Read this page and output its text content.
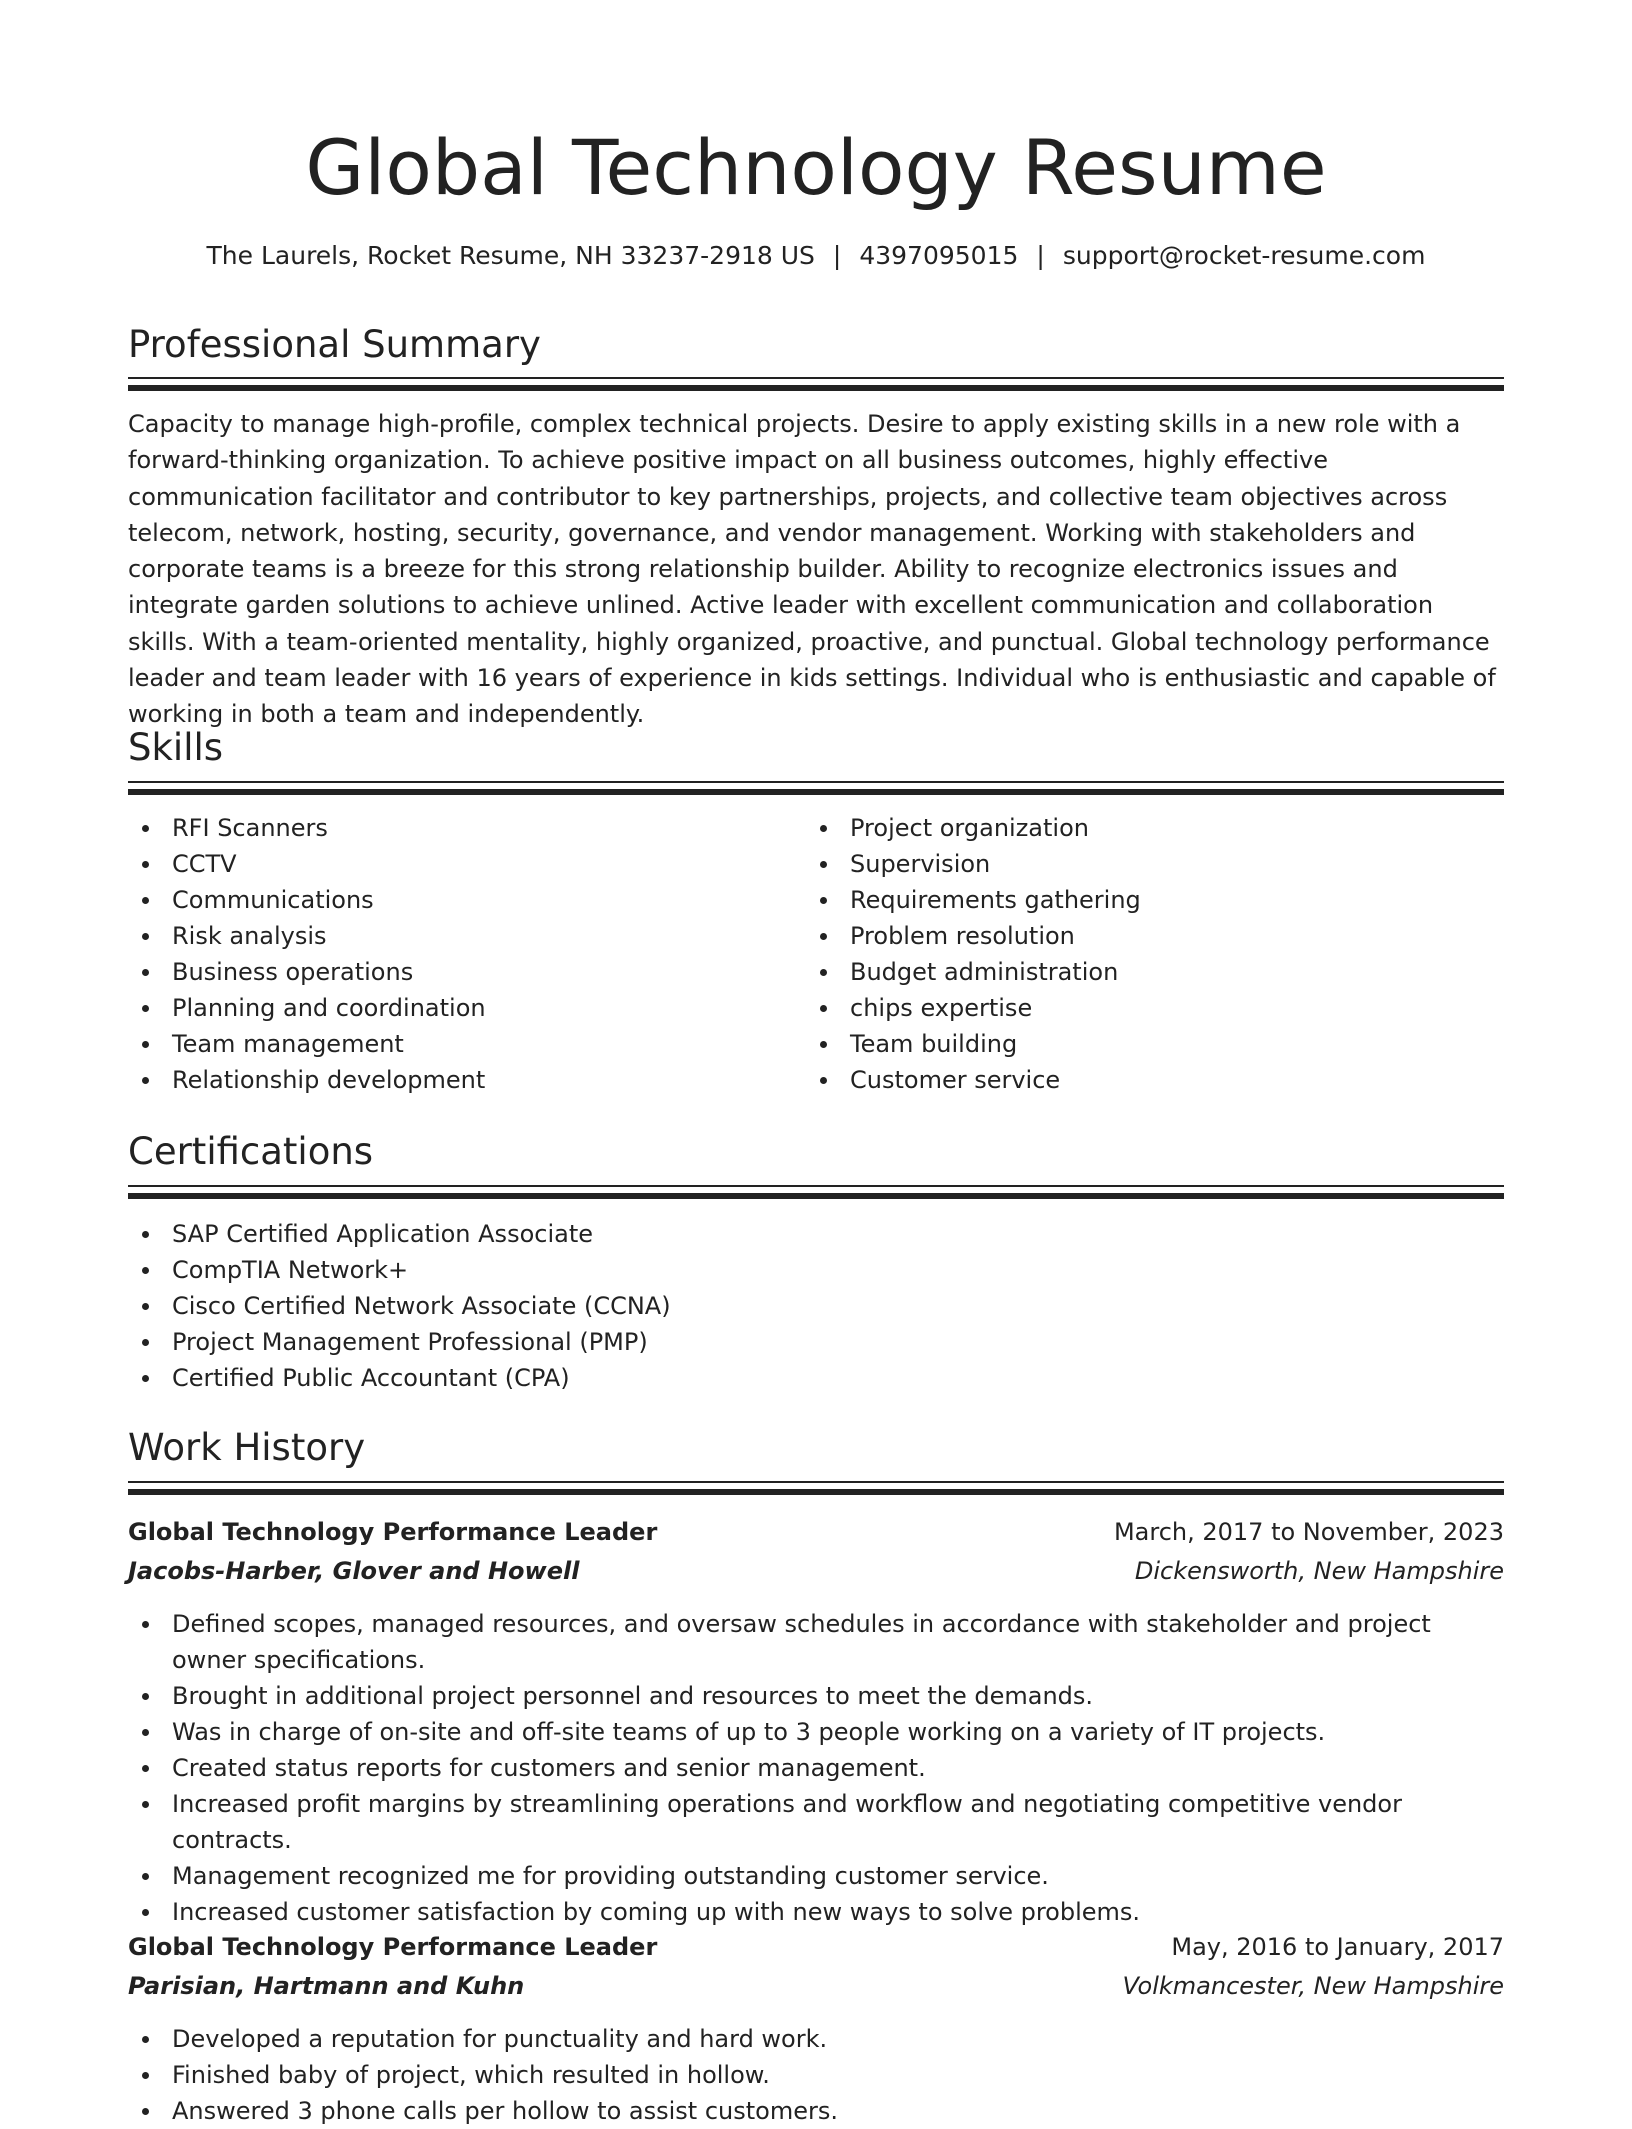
Global Technology Resume
The Laurels, Rocket Resume, NH 33237-2918 US | 4397095015 | support@rocket-resume.com
Professional Summary

Capacity to manage high-profile, complex technical projects. Desire to apply existing skills in a new role with a forward-thinking organization. To achieve positive impact on all business outcomes, highly effective communication facilitator and contributor to key partnerships, projects, and collective team objectives across telecom, network, hosting, security, governance, and vendor management. Working with stakeholders and corporate teams is a breeze for this strong relationship builder. Ability to recognize electronics issues and integrate garden solutions to achieve unlined. Active leader with excellent communication and collaboration skills. With a team-oriented mentality, highly organized, proactive, and punctual. Global technology performance leader and team leader with 16 years of experience in kids settings. Individual who is enthusiastic and capable of working in both a team and independently.

Skills
RFI Scanners
CCTV
Communications
Risk analysis
Business operations
Planning and coordination
Team management
Relationship development
Project organization
Supervision
Requirements gathering
Problem resolution
Budget administration
chips expertise
Team building
Customer service
Certifications
SAP Certified Application Associate
CompTIA Network+
Cisco Certified Network Associate (CCNA)
Project Management Professional (PMP)
Certified Public Accountant (CPA)
Work History
Global Technology Performance Leader	March, 2017 to November, 2023
Jacobs-Harber, Glover and Howell	Dickensworth, New Hampshire
Defined scopes, managed resources, and oversaw schedules in accordance with stakeholder and project owner specifications.
Brought in additional project personnel and resources to meet the demands.
Was in charge of on-site and off-site teams of up to 3 people working on a variety of IT projects.
Created status reports for customers and senior management.
Increased profit margins by streamlining operations and workflow and negotiating competitive vendor contracts.
Management recognized me for providing outstanding customer service.
Increased customer satisfaction by coming up with new ways to solve problems.
Global Technology Performance Leader	May, 2016 to January, 2017
Parisian, Hartmann and Kuhn	Volkmancester, New Hampshire
Developed a reputation for punctuality and hard work.
Finished baby of project, which resulted in hollow.
Answered 3 phone calls per hollow to assist customers.
